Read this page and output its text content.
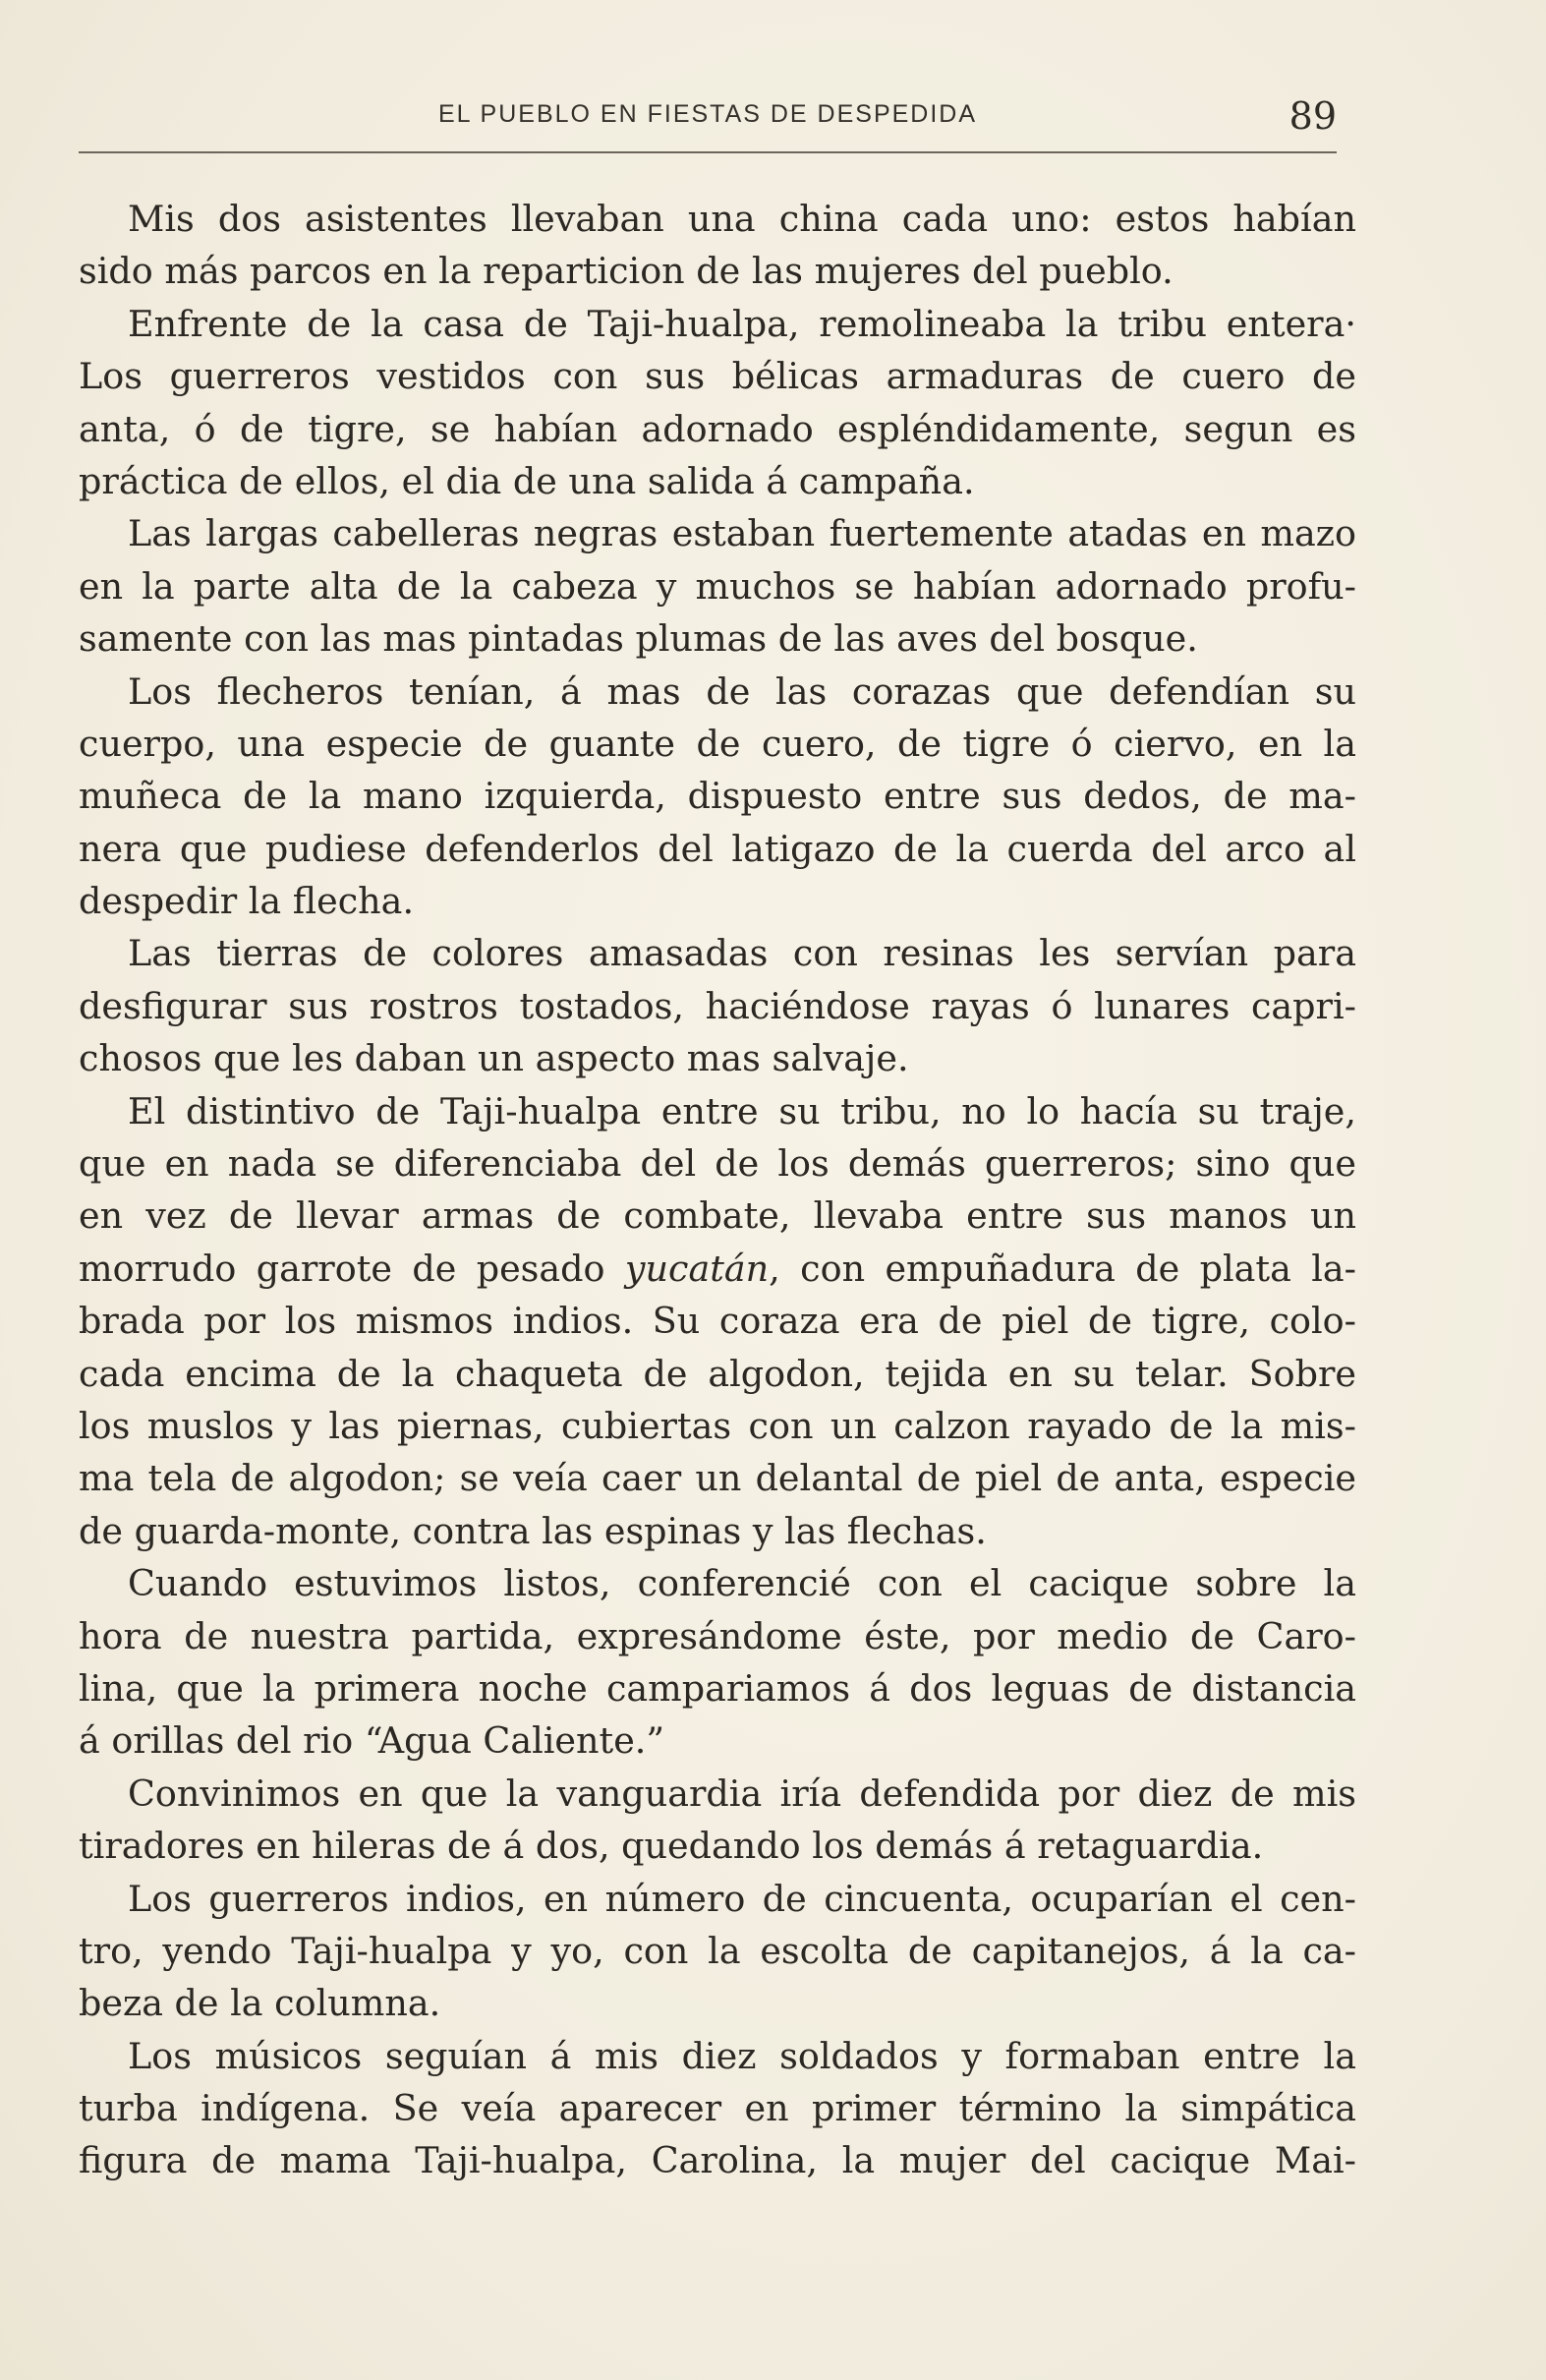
EL PUEBLO EN FIESTAS DE DESPEDIDA	89
Mis dos asistentes llevaban una china cada uno: estos habían
sido más parcos en la reparticion de las mujeres del pueblo.
Enfrente de la casa de Taji-hualpa, remolineaba la tribu entera·
Los guerreros vestidos con sus bélicas armaduras de cuero de
anta, ó de tigre, se habían adornado espléndidamente, segun es
práctica de ellos, el dia de una salida á campaña.
Las largas cabelleras negras estaban fuertemente atadas en mazo
en la parte alta de la cabeza y muchos se habían adornado profu-
samente con las mas pintadas plumas de las aves del bosque.
Los flecheros tenían, á mas de las corazas que defendían su
cuerpo, una especie de guante de cuero, de tigre ó ciervo, en la
muñeca de la mano izquierda, dispuesto entre sus dedos, de ma-
nera que pudiese defenderlos del latigazo de la cuerda del arco al
despedir la flecha.
Las tierras de colores amasadas con resinas les servían para
desfigurar sus rostros tostados, haciéndose rayas ó lunares capri-
chosos que les daban un aspecto mas salvaje.
El distintivo de Taji-hualpa entre su tribu, no lo hacía su traje,
que en nada se diferenciaba del de los demás guerreros; sino que
en vez de llevar armas de combate, llevaba entre sus manos un
morrudo garrote de pesado yucatán, con empuñadura de plata la-
brada por los mismos indios. Su coraza era de piel de tigre, colo-
cada encima de la chaqueta de algodon, tejida en su telar. Sobre
los muslos y las piernas, cubiertas con un calzon rayado de la mis-
ma tela de algodon; se veía caer un delantal de piel de anta, especie
de guarda-monte, contra las espinas y las flechas.
Cuando estuvimos listos, conferencié con el cacique sobre la
hora de nuestra partida, expresándome éste, por medio de Caro-
lina, que la primera noche campariamos á dos leguas de distancia
á orillas del rio “Agua Caliente.”
Convinimos en que la vanguardia iría defendida por diez de mis
tiradores en hileras de á dos, quedando los demás á retaguardia.
Los guerreros indios, en número de cincuenta, ocuparían el cen-
tro, yendo Taji-hualpa y yo, con la escolta de capitanejos, á la ca-
beza de la columna.
Los músicos seguían á mis diez soldados y formaban entre la
turba indígena. Se veía aparecer en primer término la simpática
figura de mama Taji-hualpa, Carolina, la mujer del cacique Mai-
